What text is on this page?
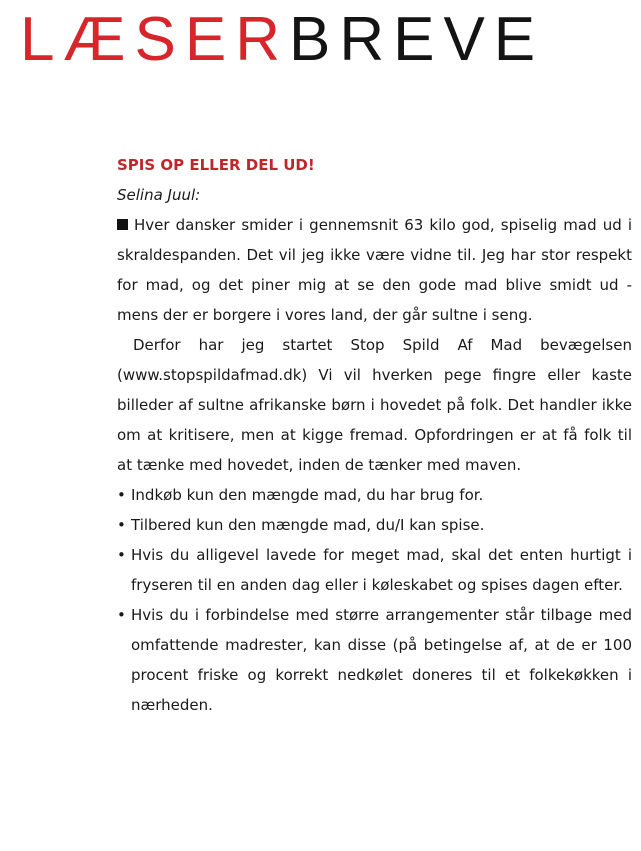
LÆSERBREVE

SPIS OP ELLER DEL UD!

Selina Juul:

Hver dansker smider i gennemsnit 63 kilo god, spiselig mad ud i skraldespanden. Det vil jeg ikke være vidne til. Jeg har stor respekt for mad, og det piner mig at se den gode mad blive smidt ud - mens der er borgere i vores land, der går sultne i seng.

Derfor har jeg startet Stop Spild Af Mad bevægelsen (www.stopspildafmad.dk) Vi vil hverken pege fingre eller kaste billeder af sultne afrikanske børn i hovedet på folk. Det handler ikke om at kritisere, men at kigge fremad. Opfordringen er at få folk til at tænke med hovedet, inden de tænker med maven.

• Indkøb kun den mængde mad, du har brug for.
• Tilbered kun den mængde mad, du/I kan spise.
• Hvis du alligevel lavede for meget mad, skal det enten hurtigt i fryseren til en anden dag eller i køleskabet og spises dagen efter.
• Hvis du i forbindelse med større arrangementer står tilbage med omfattende madrester, kan disse (på betingelse af, at de er 100 procent friske og korrekt nedkølet doneres til et folkekøkken i nærheden.
